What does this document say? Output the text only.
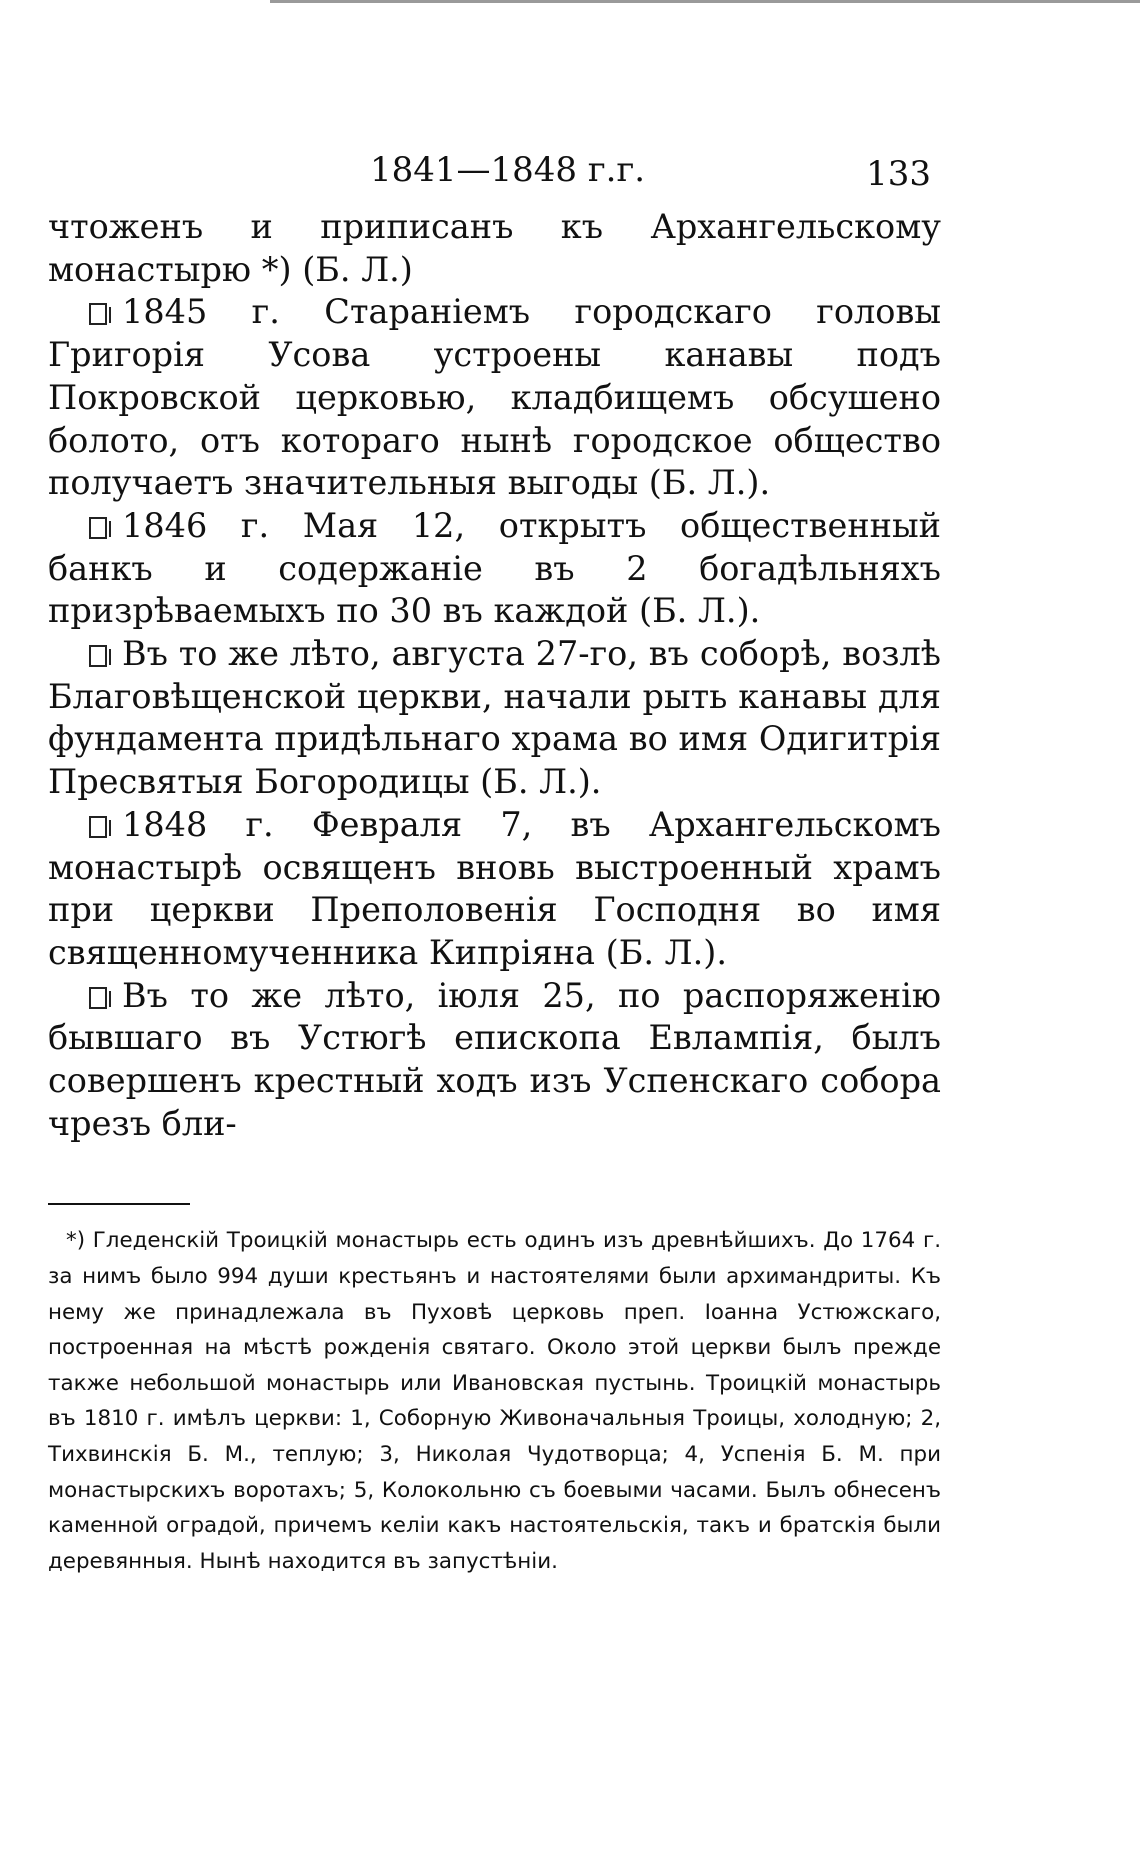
1841—1848 г.г.	133

чтоженъ и приписанъ къ Архангельскому монастырю *) (Б. Л.)

1845 г. Стараніемъ городскаго головы Григорія Усова устроены канавы подъ Покровской церковью, кладбищемъ обсушено болото, отъ котораго нынѣ городское общество получаетъ значительныя выгоды (Б. Л.).

1846 г. Мая 12, открытъ общественный банкъ и содержаніе въ 2 богадѣльняхъ призрѣваемыхъ по 30 въ каждой (Б. Л.).

Въ то же лѣто, августа 27-го, въ соборѣ, возлѣ Благовѣщенской церкви, начали рыть канавы для фундамента придѣльнаго храма во имя Одигитрія Пресвятыя Богородицы (Б. Л.).

1848 г. Февраля 7, въ Архангельскомъ монастырѣ освященъ вновь выстроенный храмъ при церкви Преполовенія Господня во имя священномученника Кипріяна (Б. Л.).

Въ то же лѣто, іюля 25, по распоряженію бывшаго въ Устюгѣ епископа Евлампія, былъ совершенъ крестный ходъ изъ Успенскаго собора чрезъ бли-

*) Гледенскій Троицкій монастырь есть одинъ изъ древнѣйшихъ. До 1764 г. за нимъ было 994 души крестьянъ и настоятелями были архимандриты. Къ нему же принадлежала въ Пуховѣ церковь преп. Іоанна Устюжскаго, построенная на мѣстѣ рожденія святаго. Около этой церкви былъ прежде также небольшой монастырь или Ивановская пустынь. Троицкій монастырь въ 1810 г. имѣлъ церкви: 1, Соборную Живоначальныя Троицы, холодную; 2, Тихвинскія Б. М., теплую; 3, Николая Чудотворца; 4, Успенія Б. М. при монастырскихъ воротахъ; 5, Колокольню съ боевыми часами. Былъ обнесенъ каменной оградой, причемъ келіи какъ настоятельскія, такъ и братскія были деревянныя. Нынѣ находится въ запустѣніи.
